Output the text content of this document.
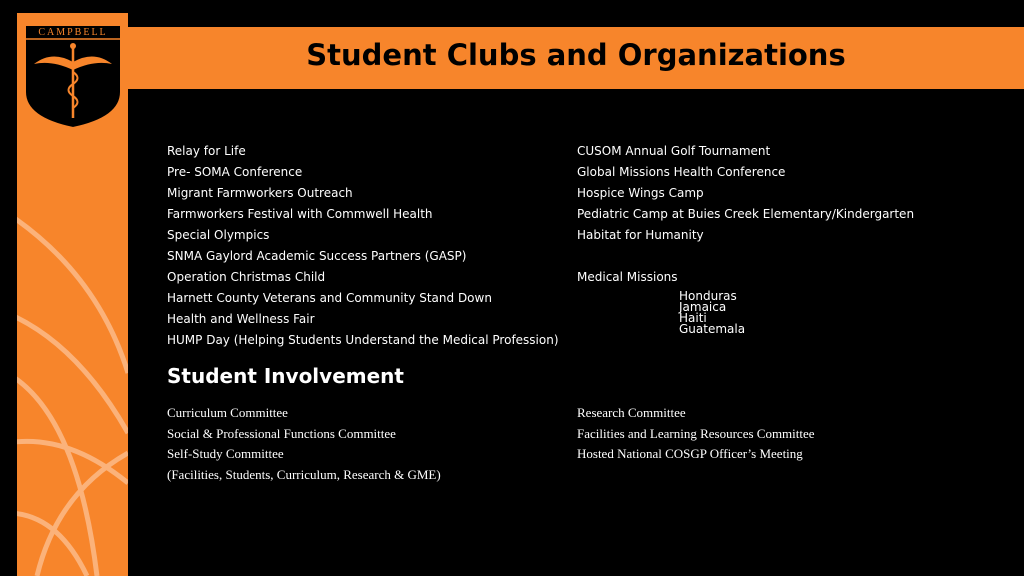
Student Clubs and Organizations
CAMPBELL
Relay for Life
Pre- SOMA Conference
Migrant Farmworkers Outreach
Farmworkers Festival with Commwell Health
Special Olympics
SNMA Gaylord Academic Success Partners (GASP)
Operation Christmas Child
Harnett County Veterans and Community Stand Down
Health and Wellness Fair
HUMP Day (Helping Students Understand the Medical Profession)
CUSOM Annual Golf Tournament
Global Missions Health Conference
Hospice Wings Camp
Pediatric Camp at Buies Creek Elementary/Kindergarten
Habitat for Humanity
Medical Missions
Honduras
Jamaica
Haiti
Guatemala
Student Involvement
Curriculum Committee
Social & Professional Functions Committee
Self-Study Committee
(Facilities, Students, Curriculum, Research & GME)
Research Committee
Facilities and Learning Resources Committee
Hosted National COSGP Officer’s Meeting
